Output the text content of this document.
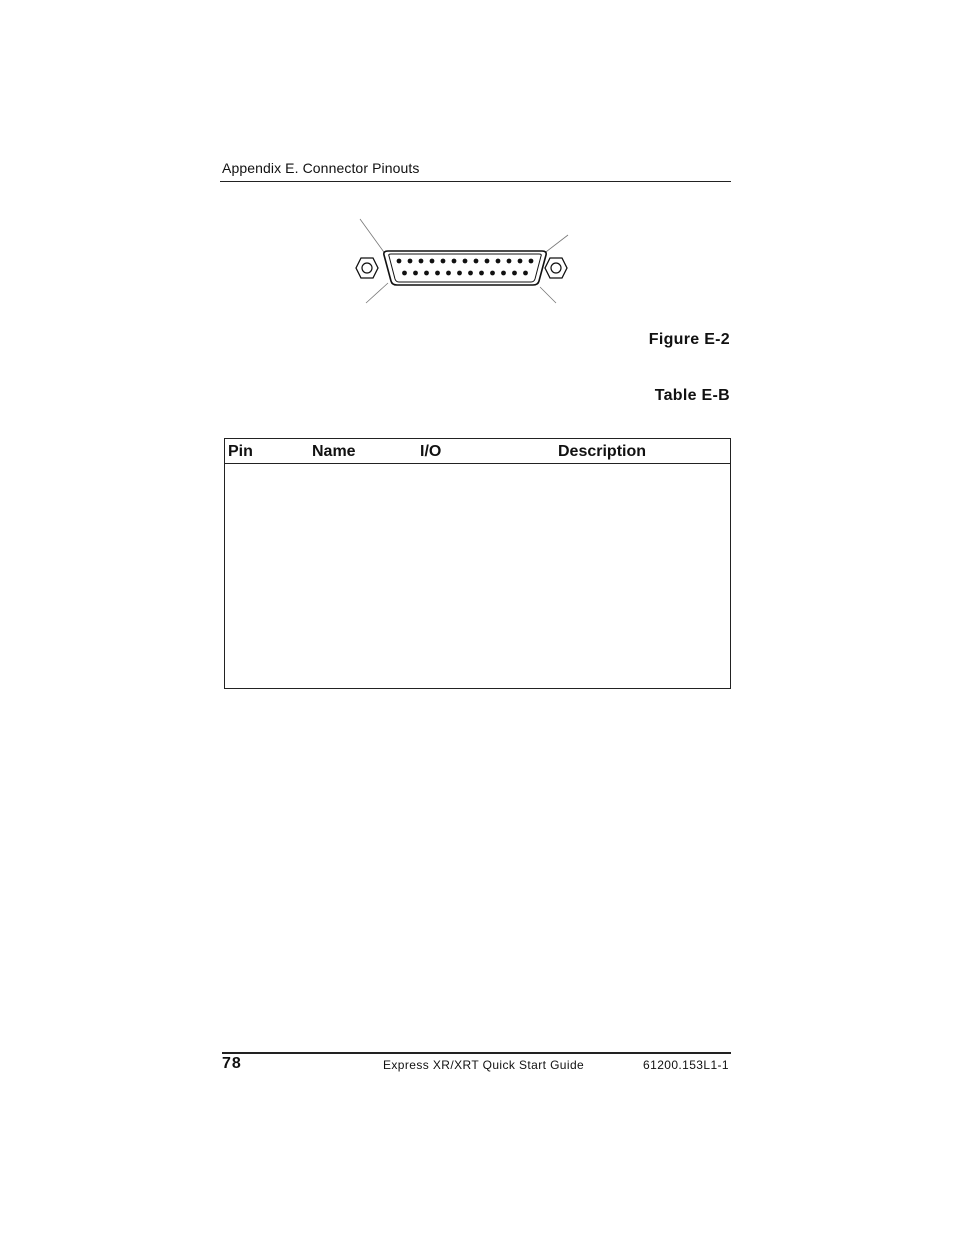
Appendix E. Connector Pinouts
Figure E-2
Table E-B
Pin	Name	I/O	Description
78	Express XR/XRT Quick Start Guide	61200.153L1-1
